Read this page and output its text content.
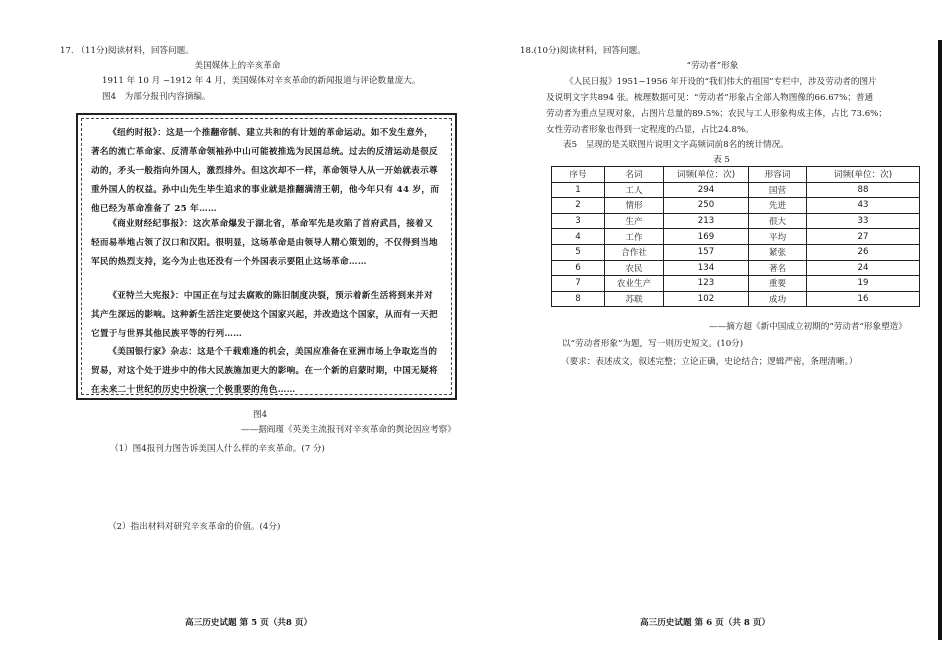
17. （11分)阅读材料，回答问题。
美国媒体上的辛亥革命
1911 年 10 月 ~1912 年 4 月，美国媒体对辛亥革命的新闻报道与评论数量庞大。
图4　为部分报刊内容摘编。
《纽约时报》：这是一个推翻帝制、建立共和的有计划的革命运动。如不发生意外，著名的流亡革命家、反清革命领袖孙中山可能被推选为民国总统。过去的反清运动是很反动的，矛头一般指向外国人，激烈排外。但这次却不一样，革命领导人从一开始就表示尊重外国人的权益。孙中山先生毕生追求的事业就是推翻满清王朝，他今年只有 44 岁，而他已经为革命准备了 25 年……
《商业财经纪事报》：这次革命爆发于湖北省，革命军先是攻陷了首府武昌，接着又轻而易举地占领了汉口和汉阳。很明显，这场革命是由领导人精心策划的，不仅得到当地军民的热烈支持，迄今为止也还没有一个外国表示要阻止这场革命……
《亚特兰大宪报》：中国正在与过去腐败的陈旧制度决裂，预示着新生活将到来并对其产生深远的影响。这种新生活注定要使这个国家兴起，并改造这个国家，从而有一天把它置于与世界其他民族平等的行列……
《美国银行家》杂志：这是个千载难逢的机会，美国应准备在亚洲市场上争取迄当的贸易，对这个处于进步中的伟大民族施加更大的影响。在一个新的启蒙时期，中国无疑将在未来二十世纪的历史中扮演一个极重要的角色……
图4
——据阎瑾《英美主流报刊对辛亥革命的舆论因应考察》
（1）图4报刊力图告诉美国人什么样的辛亥革命。(7 分)
（2）指出材料对研究辛亥革命的价值。(4分)
高三历史试题 第 5 页（共8 页）
18.(10分)阅读材料，回答问题。
“劳动者”形象
《人民日报》1951~1956 年开设的“我们伟大的祖国”专栏中，涉及劳动者的图片
及说明文字共894 张。梳理数据可见：“劳动者”形象占全部人物图像的66.67%；普通
劳动者为重点呈现对象，占图片总量的89.5%；农民与工人形象构成主体，占比 73.6%；
女性劳动者形象也得到一定程度的凸显，占比24.8%。
表5　呈现的是关联图片说明文字高频词前8名的统计情况。
表 5
序号	名词	词频(单位：次)	形容词	词频(单位：次)
1	工人	294	国营	88
2	情形	250	先进	43
3	生产	213	很大	33
4	工作	169	平均	27
5	合作社	157	紧张	26
6	农民	134	著名	24
7	农业生产	123	重要	19
8	苏联	102	成功	16
——摘方超《新中国成立初期的“劳动者”形象塑造》
以“劳动者形象”为题，写一则历史短文。(10分)
（要求：表述成文，叙述完整；立论正确，史论结合；逻辑严密，条理清晰。）
高三历史试题 第 6 页（共 8 页）
